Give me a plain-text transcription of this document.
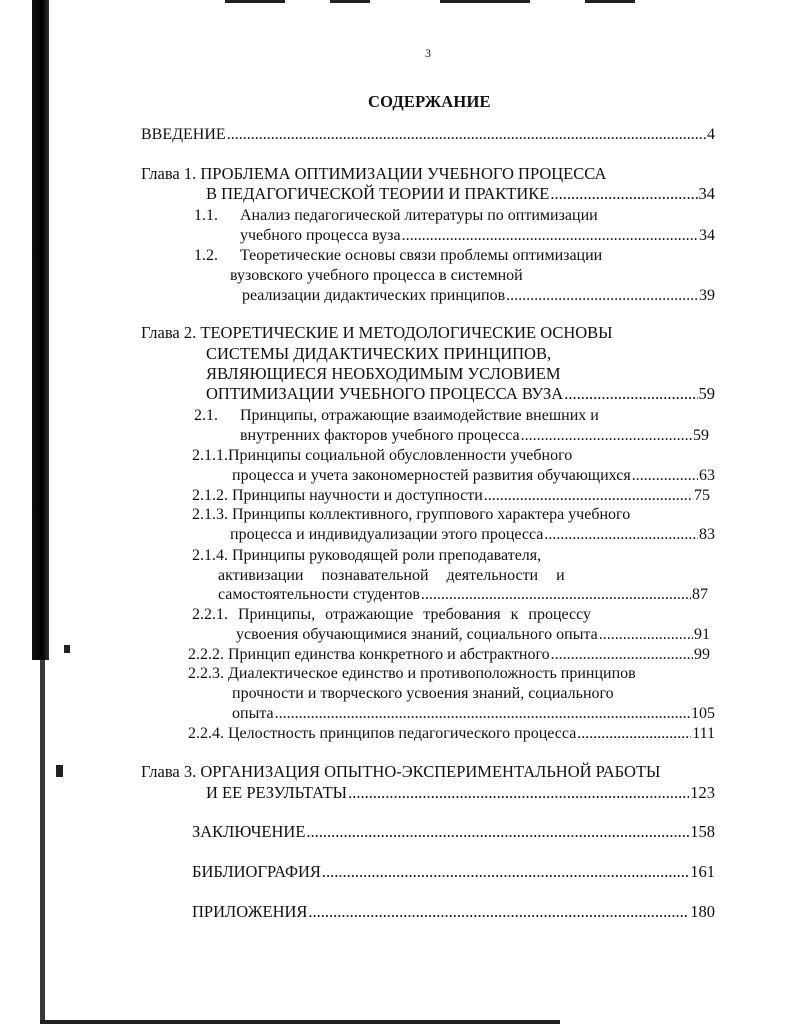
3
СОДЕРЖАНИЕ
ВВЕДЕНИЕ .....	4
Глава 1. ПРОБЛЕМА ОПТИМИЗАЦИИ УЧЕБНОГО ПРОЦЕССА
В ПЕДАГОГИЧЕСКОЙ ТЕОРИИ И ПРАКТИКЕ .....	34
1.1. Анализ педагогической литературы по оптимизации
учебного процесса вуза .....	34
1.2. Теоретические основы связи проблемы оптимизации
вузовского учебного процесса в системной
реализации дидактических принципов .....	39
Глава 2. ТЕОРЕТИЧЕСКИЕ И МЕТОДОЛОГИЧЕСКИЕ ОСНОВЫ
СИСТЕМЫ ДИДАКТИЧЕСКИХ ПРИНЦИПОВ,
ЯВЛЯЮЩИЕСЯ НЕОБХОДИМЫМ УСЛОВИЕМ
ОПТИМИЗАЦИИ УЧЕБНОГО ПРОЦЕССА ВУЗА .....	59
2.1. Принципы, отражающие взаимодействие внешних и
внутренних факторов учебного процесса .....	59
2.1.1.Принципы социальной обусловленности учебного
процесса и учета закономерностей развития обучающихся .....	63
2.1.2. Принципы научности и доступности .....	75
2.1.3. Принципы коллективного, группового характера учебного
процесса и индивидуализации этого процесса .....	83
2.1.4. Принципы руководящей роли преподавателя,
активизации познавательной деятельности и
самостоятельности студентов .....	87
2.2.1. Принципы, отражающие требования к процессу
усвоения обучающимися знаний, социального опыта .....	91
2.2.2. Принцип единства конкретного и абстрактного .....	99
2.2.3. Диалектическое единство и противоположность принципов
прочности и творческого усвоения знаний, социального
опыта .....	105
2.2.4. Целостность принципов педагогического процесса .....	111
Глава 3. ОРГАНИЗАЦИЯ ОПЫТНО-ЭКСПЕРИМЕНТАЛЬНОЙ РАБОТЫ
И ЕЕ РЕЗУЛЬТАТЫ .....	123
ЗАКЛЮЧЕНИЕ .....	158
БИБЛИОГРАФИЯ .....	161
ПРИЛОЖЕНИЯ .....	180
